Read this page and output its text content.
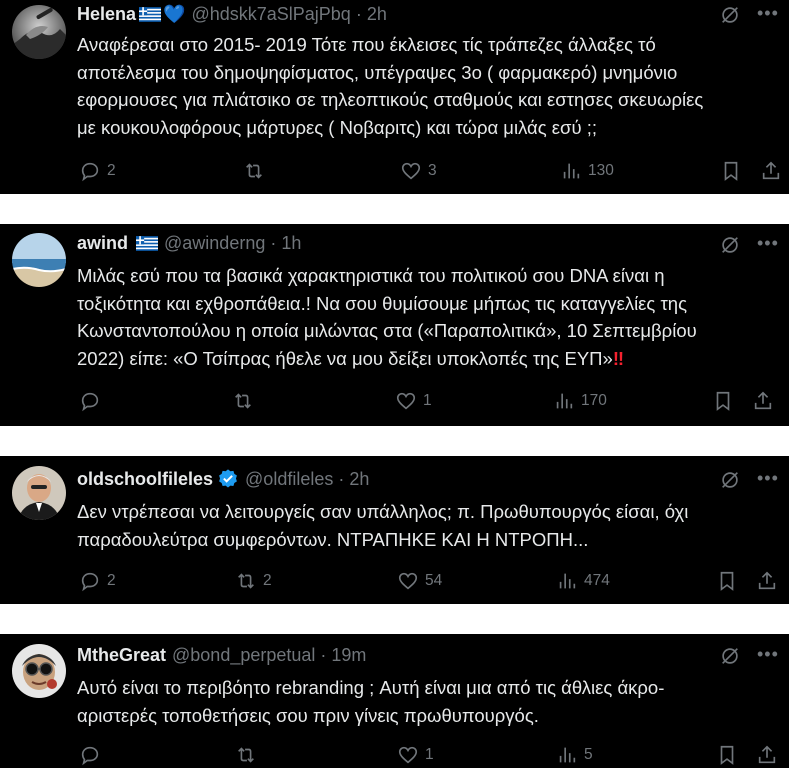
Helena 💙 @hdskk7aSlPajPbq · 2h	•••
Αναφέρεσαι στο 2015- 2019 Τότε που έκλεισες τίς τράπεζες άλλαξες τό
αποτέλεσμα του δημοψηφίσματος, υπέγραψες 3ο ( φαρμακερό) μνημόνιο
εφορμουσες για πλιάτσικο σε τηλεοπτικούς σταθμούς και εστησες σκευωρίες
με κουκουλοφόρους μάρτυρες ( Νοβαριτς) και τώρα μιλάς εσύ ;;
2	3	130
awind @awinderng · 1h	•••
Μιλάς εσύ που τα βασικά χαρακτηριστικά του πολιτικού σου DNA είναι η
τοξικότητα και εχθροπάθεια.! Να σου θυμίσουμε μήπως τις καταγγελίες της
Κωνσταντοπούλου η οποία μιλώντας στα («Παραπολιτικά», 10 Σεπτεμβρίου
2022) είπε: «Ο Τσίπρας ήθελε να μου δείξει υποκλοπές της ΕΥΠ»‼
1	170
oldschoolfileles @oldfileles · 2h	•••
Δεν ντρέπεσαι να λειτουργείς σαν υπάλληλος; π. Πρωθυπουργός είσαι, όχι
παραδουλεύτρα συμφερόντων. ΝΤΡΑΠΗΚΕ ΚΑΙ Η ΝΤΡΟΠΗ...
2	2	54	474
MtheGreat @bond_perpetual · 19m	•••
Αυτό είναι το περιβόητο rebranding ; Αυτή είναι μια από τις άθλιες άκρο-
αριστερές τοποθετήσεις σου πριν γίνεις πρωθυπουργός.
1	5
